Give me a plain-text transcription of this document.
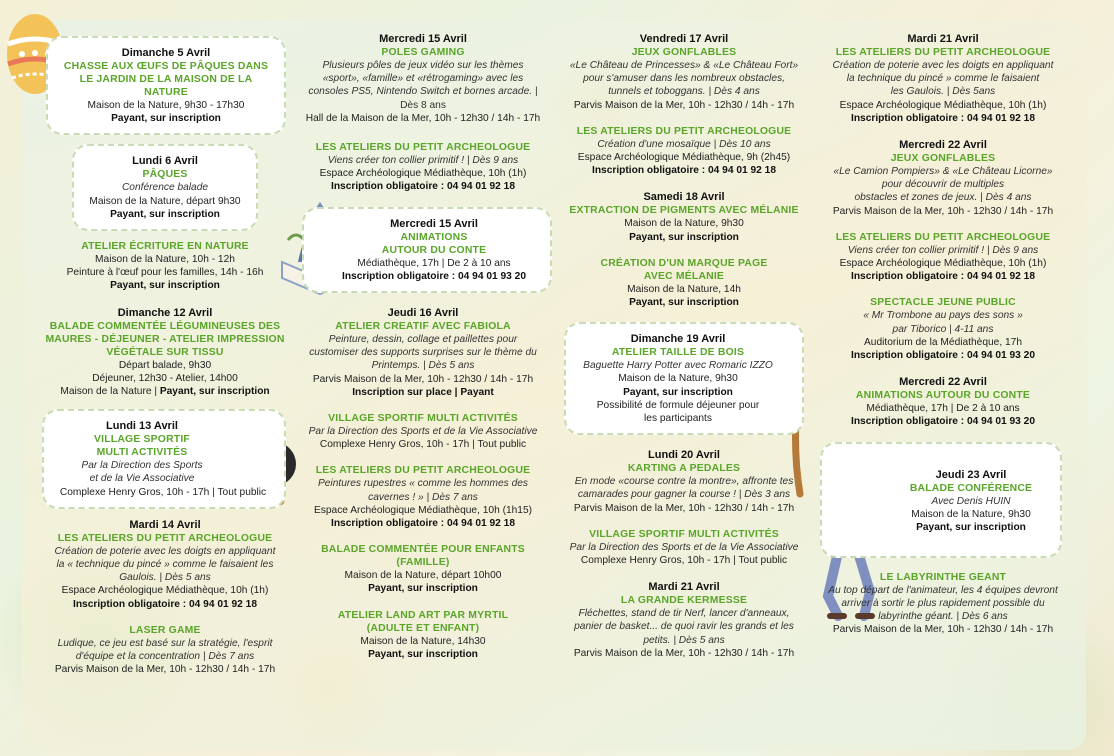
Dimanche 5 Avril
CHASSE AUX ŒUFS DE PÂQUES DANS
LE JARDIN DE LA MAISON DE LA NATURE
Maison de la Nature, 9h30 - 17h30
Payant, sur inscription
Lundi 6 Avril
PÂQUES
Conférence balade
Maison de la Nature, départ 9h30
Payant, sur inscription
ATELIER ÉCRITURE EN NATURE
Maison de la Nature, 10h - 12h
Peinture à l'œuf pour les familles, 14h - 16h
Payant, sur inscription
Dimanche 12 Avril
BALADE COMMENTÉE LÉGUMINEUSES DES
MAURES - DÉJEUNER - ATELIER IMPRESSION
VÉGÉTALE SUR TISSU
Départ balade, 9h30
Déjeuner, 12h30 - Atelier, 14h00
Maison de la Nature | Payant, sur inscription
Lundi 13 Avril
VILLAGE SPORTIF
MULTI ACTIVITÉS
Par la Direction des Sports
et de la Vie Associative
Complexe Henry Gros, 10h - 17h | Tout public
Mardi 14 Avril
LES ATELIERS DU PETIT ARCHEOLOGUE
Création de poterie avec les doigts en appliquant
la « technique du pincé » comme le faisaient les
Gaulois. | Dès 5 ans
Espace Archéologique Médiathèque, 10h (1h)
Inscription obligatoire : 04 94 01 92 18
LASER GAME
Ludique, ce jeu est basé sur la stratégie, l'esprit
d'équipe et la concentration | Dès 7 ans
Parvis Maison de la Mer, 10h - 12h30 / 14h - 17h
Mercredi 15 Avril
POLES GAMING
Plusieurs pôles de jeux vidéo sur les thèmes
«sport», «famille» et «rétrogaming» avec les
consoles PS5, Nintendo Switch et bornes arcade. |
Dès 8 ans
Hall de la Maison de la Mer, 10h - 12h30 / 14h - 17h
LES ATELIERS DU PETIT ARCHEOLOGUE
Viens créer ton collier primitif ! | Dès 9 ans
Espace Archéologique Médiathèque, 10h (1h)
Inscription obligatoire : 04 94 01 92 18
Mercredi 15 Avril
ANIMATIONS
AUTOUR DU CONTE
Médiathèque, 17h | De 2 à 10 ans
Inscription obligatoire : 04 94 01 93 20
Jeudi 16 Avril
ATELIER CREATIF AVEC FABIOLA
Peinture, dessin, collage et paillettes pour
customiser des supports surprises sur le thème du
Printemps. | Dès 5 ans
Parvis Maison de la Mer, 10h - 12h30 / 14h - 17h
Inscription sur place | Payant
VILLAGE SPORTIF MULTI ACTIVITÉS
Par la Direction des Sports et de la Vie Associative
Complexe Henry Gros, 10h - 17h | Tout public
LES ATELIERS DU PETIT ARCHEOLOGUE
Peintures rupestres « comme les hommes des
cavernes ! » | Dès 7 ans
Espace Archéologique Médiathèque, 10h (1h15)
Inscription obligatoire : 04 94 01 92 18
BALADE COMMENTÉE POUR ENFANTS
(FAMILLE)
Maison de la Nature, départ 10h00
Payant, sur inscription
ATELIER LAND ART PAR MYRTIL
(ADULTE ET ENFANT)
Maison de la Nature, 14h30
Payant, sur inscription
Vendredi 17 Avril
JEUX GONFLABLES
«Le Château de Princesses» & «Le Château Fort»
pour s'amuser dans les nombreux obstacles,
tunnels et toboggans. | Dès 4 ans
Parvis Maison de la Mer, 10h - 12h30 / 14h - 17h
LES ATELIERS DU PETIT ARCHEOLOGUE
Création d'une mosaïque | Dès 10 ans
Espace Archéologique Médiathèque, 9h (2h45)
Inscription obligatoire : 04 94 01 92 18
Samedi 18 Avril
EXTRACTION DE PIGMENTS AVEC MÉLANIE
Maison de la Nature, 9h30
Payant, sur inscription
CRÉATION D'UN MARQUE PAGE
AVEC MÉLANIE
Maison de la Nature, 14h
Payant, sur inscription
Dimanche 19 Avril
ATELIER TAILLE DE BOIS
Baguette Harry Potter avec Romaric IZZO
Maison de la Nature, 9h30
Payant, sur inscription
Possibilité de formule déjeuner pour
les participants
Lundi 20 Avril
KARTING A PEDALES
En mode «course contre la montre», affronte tes
camarades pour gagner la course ! | Dès 3 ans
Parvis Maison de la Mer, 10h - 12h30 / 14h - 17h
VILLAGE SPORTIF MULTI ACTIVITÉS
Par la Direction des Sports et de la Vie Associative
Complexe Henry Gros, 10h - 17h | Tout public
Mardi 21 Avril
LA GRANDE KERMESSE
Fléchettes, stand de tir Nerf, lancer d'anneaux,
panier de basket... de quoi ravir les grands et les
petits. | Dès 5 ans
Parvis Maison de la Mer, 10h - 12h30 / 14h - 17h
Mardi 21 Avril
LES ATELIERS DU PETIT ARCHEOLOGUE
Création de poterie avec les doigts en appliquant
la technique du pincé » comme le faisaient
les Gaulois. | Dès 5ans
Espace Archéologique Médiathèque, 10h (1h)
Inscription obligatoire : 04 94 01 92 18
Mercredi 22 Avril
JEUX GONFLABLES
«Le Camion Pompiers» & «Le Château Licorne»
pour découvrir de multiples
obstacles et zones de jeux. | Dès 4 ans
Parvis Maison de la Mer, 10h - 12h30 / 14h - 17h
LES ATELIERS DU PETIT ARCHEOLOGUE
Viens créer ton collier primitif ! | Dès 9 ans
Espace Archéologique Médiathèque, 10h (1h)
Inscription obligatoire : 04 94 01 92 18
SPECTACLE JEUNE PUBLIC
« Mr Trombone au pays des sons »
par Tiborico | 4-11 ans
Auditorium de la Médiathèque, 17h
Inscription obligatoire : 04 94 01 93 20
Mercredi 22 Avril
ANIMATIONS AUTOUR DU CONTE
Médiathèque, 17h | De 2 à 10 ans
Inscription obligatoire : 04 94 01 93 20
Jeudi 23 Avril
BALADE CONFÉRENCE
Avec Denis HUIN
Maison de la Nature, 9h30
Payant, sur inscription
LE LABYRINTHE GEANT
Au top départ de l'animateur, les 4 équipes devront
arriver à sortir le plus rapidement possible du
labyrinthe géant. | Dès 6 ans
Parvis Maison de la Mer, 10h - 12h30 / 14h - 17h
